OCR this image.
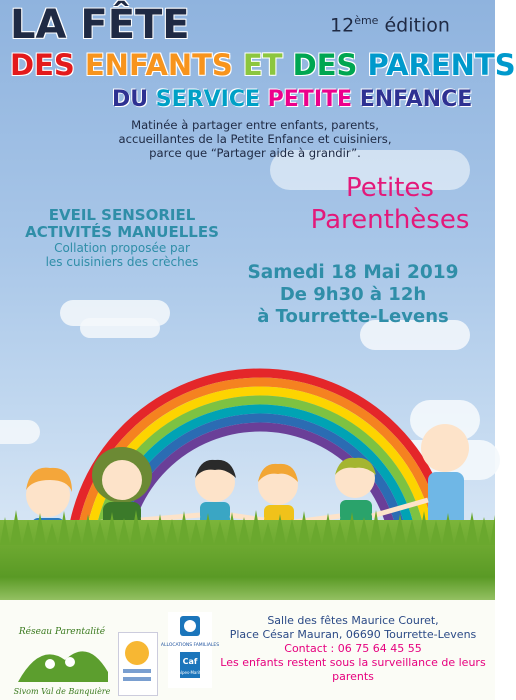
LA FÊTE	12ème édition
DES ENFANTS ET DES PARENTS
DU SERVICE PETITE ENFANCE
Matinée à partager entre enfants, parents,
accueillantes de la Petite Enfance et cuisiniers,
parce que “Partager aide à grandir”.
Petites
Parenthèses
EVEIL SENSORIEL
ACTIVITÉS MANUELLES
Collation proposée par
les cuisiniers des crèches	Samedi 18 Mai 2019
De 9h30 à 12h
à Tourrette-Levens
Réseau Parentalité
Sivom Val de Banquière
ALLOCATIONS FAMILIALES
Caf
des Alpes-Maritimes
Salle des fêtes Maurice Couret,
Place César Mauran, 06690 Tourrette-Levens
Contact : 06 75 64 45 55
Les enfants restent sous la surveillance de leurs parents
